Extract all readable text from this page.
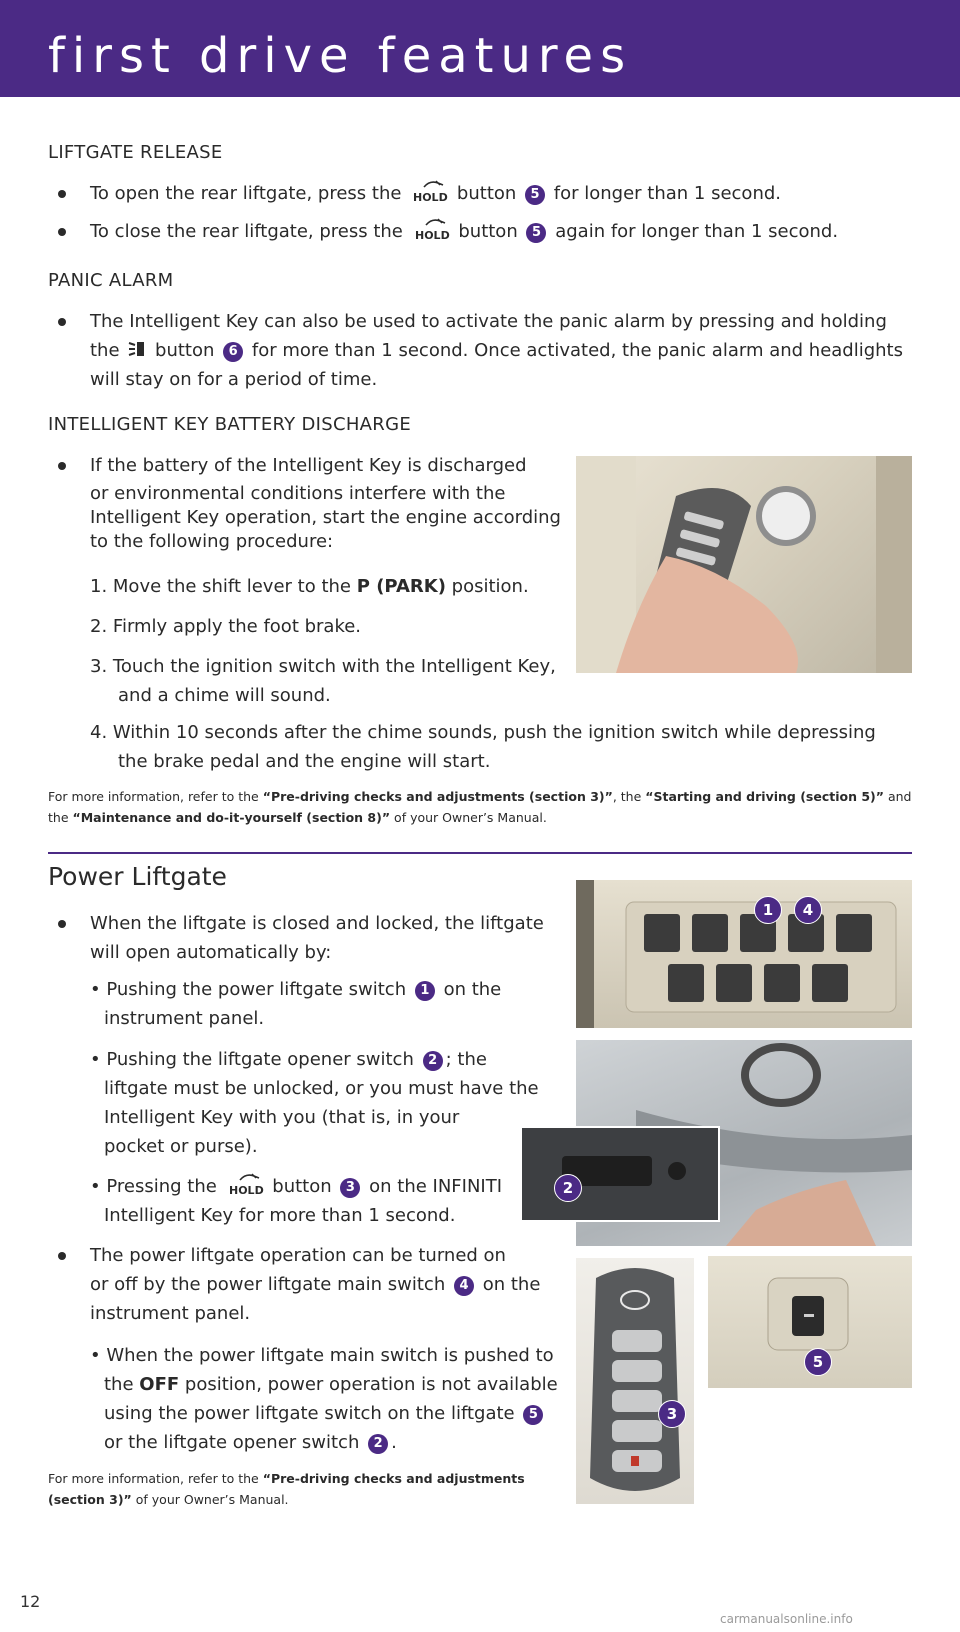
first drive features
LIFTGATE RELEASE
To open the rear liftgate, press the HOLD button 5 for longer than 1 second.
To close the rear liftgate, press the HOLD button 5 again for longer than 1 second.
PANIC ALARM
The Intelligent Key can also be used to activate the panic alarm by pressing and holding
the button 6 for more than 1 second. Once activated, the panic alarm and headlights
will stay on for a period of time.
INTELLIGENT KEY BATTERY DISCHARGE
If the battery of the Intelligent Key is discharged
or environmental conditions interfere with the
Intelligent Key operation, start the engine according
to the following procedure:
1. Move the shift lever to the P (PARK) position.
2. Firmly apply the foot brake.
3. Touch the ignition switch with the Intelligent Key,
and a chime will sound.
4. Within 10 seconds after the chime sounds, push the ignition switch while depressing
the brake pedal and the engine will start.
For more information, refer to the “Pre-driving checks and adjustments (section 3)”, the “Starting and driving (section 5)” and
the “Maintenance and do-it-yourself (section 8)” of your Owner’s Manual.
Power Liftgate
When the liftgate is closed and locked, the liftgate
will open automatically by:
• Pushing the power liftgate switch 1 on the
instrument panel.
• Pushing the liftgate opener switch 2 ; the
liftgate must be unlocked, or you must have the
Intelligent Key with you (that is, in your
pocket or purse).
• Pressing the HOLD button 3 on the INFINITI
Intelligent Key for more than 1 second.
The power liftgate operation can be turned on
or off by the power liftgate main switch 4 on the
instrument panel.
• When the power liftgate main switch is pushed to
the OFF position, power operation is not available
using the power liftgate switch on the liftgate 5
or the liftgate opener switch 2 .
For more information, refer to the “Pre-driving checks and adjustments
(section 3)” of your Owner’s Manual.
1	4
2
5
3
12
carmanualsonline.info
